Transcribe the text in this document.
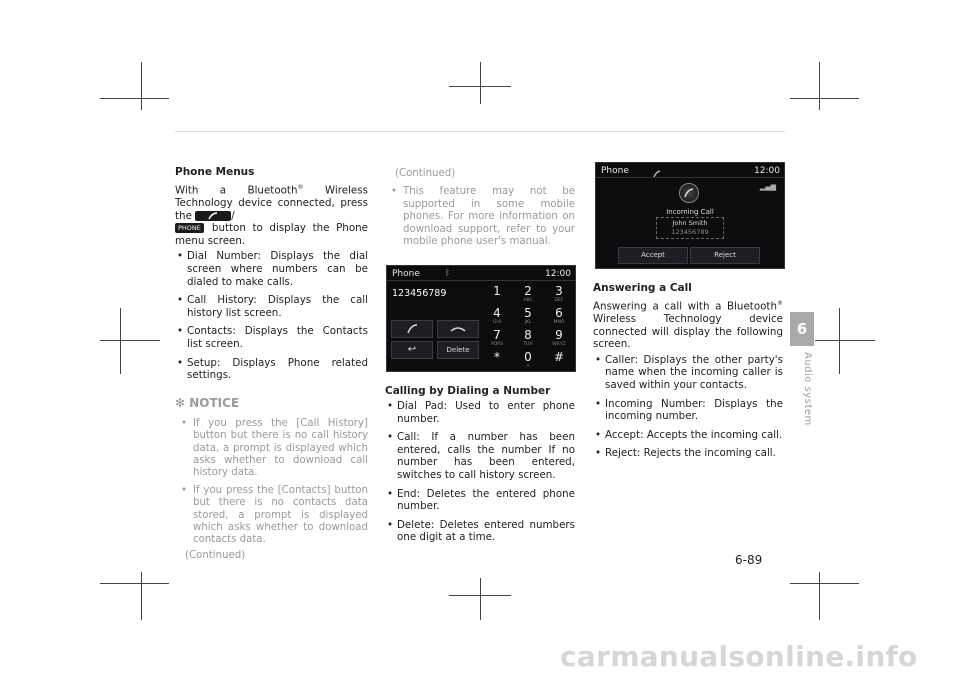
Phone Menus
With a Bluetooth® Wireless Technology device connected, press the	/
PHONE button to display the Phone menu screen.
• Dial Number: Displays the dial screen where numbers can be dialed to make calls.
• Call History: Displays the call history list screen.
• Contacts: Displays the Contacts list screen.
• Setup: Displays Phone related settings.
✻ NOTICE
• If you press the [Call History] button but there is no call history data, a prompt is displayed which asks whether to download call history data.
• If you press the [Contacts] button but there is no contacts data stored, a prompt is displayed which asks whether to download contacts data.
(Continued)
(Continued)
• This feature may not be supported in some mobile phones. For more information on download support, refer to your mobile phone user's manual.
Phone	ᛒ	12:00
123456789
↩	Delete
1	2
ABC
3
DEF
4
GHI
5
JKL
6
MNO
7
PQRS
8
TUV
9
WXYZ
*	0
+
#
Calling by Dialing a Number
• Dial Pad: Used to enter phone number.
• Call: If a number has been entered, calls the number If no number has been entered, switches to call history screen.
• End: Deletes the entered phone number.
• Delete: Deletes entered numbers one digit at a time.
Phone	12:00
▂▄▆
Incoming Call
John Smith
123456789
Accept	Reject
Answering a Call
Answering a call with a Bluetooth® Wireless Technology device connected will display the following screen.
• Caller: Displays the other party's name when the incoming caller is saved within your contacts.
• Incoming Number: Displays the incoming number.
• Accept: Accepts the incoming call.
• Reject: Rejects the incoming call.
6
Audio system
6-89
carmanualsonline.info
